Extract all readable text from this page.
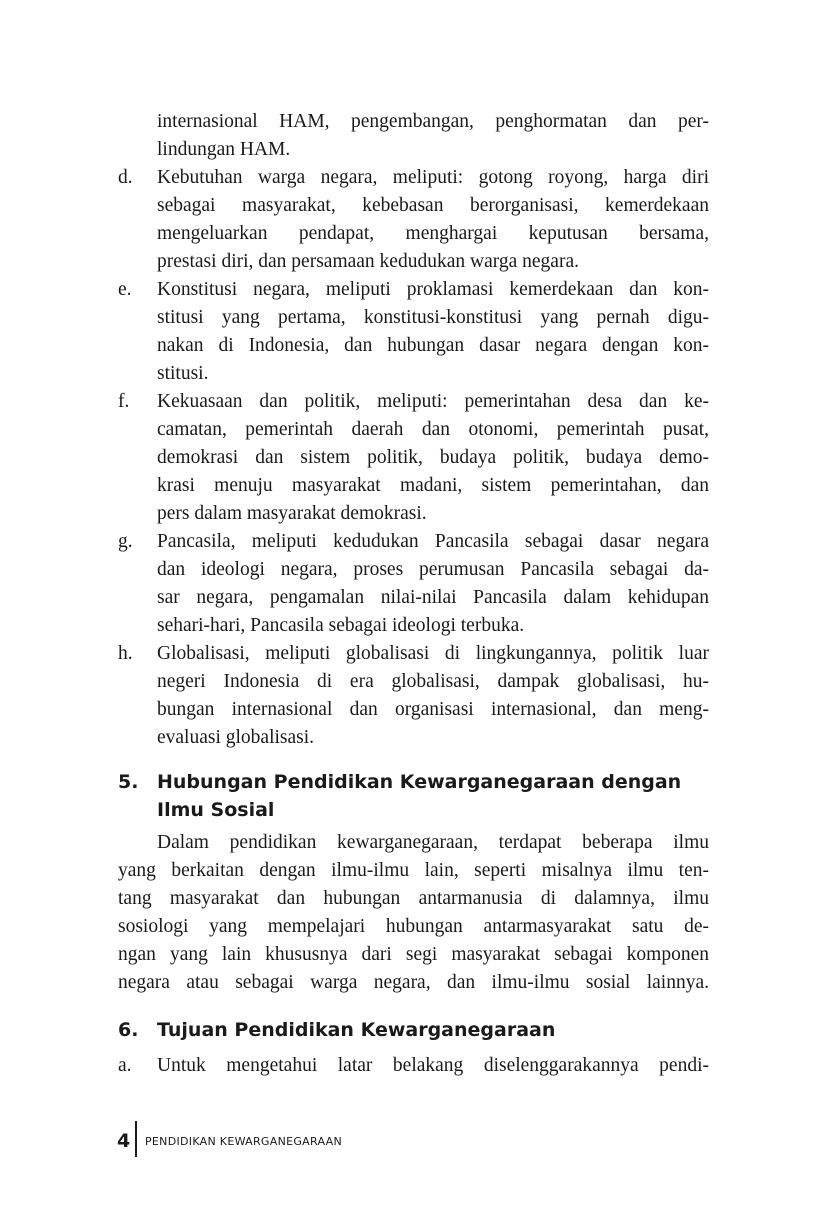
internasional HAM, pengembangan, penghormatan dan per-
lindungan HAM.
d. Kebutuhan warga negara, meliputi: gotong royong, harga diri
sebagai masyarakat, kebebasan berorganisasi, kemerdekaan
mengeluarkan pendapat, menghargai keputusan bersama,
prestasi diri, dan persamaan kedudukan warga negara.
e. Konstitusi negara, meliputi proklamasi kemerdekaan dan kon-
stitusi yang pertama, konstitusi-konstitusi yang pernah digu-
nakan di Indonesia, dan hubungan dasar negara dengan kon-
stitusi.
f. Kekuasaan dan politik, meliputi: pemerintahan desa dan ke-
camatan, pemerintah daerah dan otonomi, pemerintah pusat,
demokrasi dan sistem politik, budaya politik, budaya demo-
krasi menuju masyarakat madani, sistem pemerintahan, dan
pers dalam masyarakat demokrasi.
g. Pancasila, meliputi kedudukan Pancasila sebagai dasar negara
dan ideologi negara, proses perumusan Pancasila sebagai da-
sar negara, pengamalan nilai-nilai Pancasila dalam kehidupan
sehari-hari, Pancasila sebagai ideologi terbuka.
h. Globalisasi, meliputi globalisasi di lingkungannya, politik luar
negeri Indonesia di era globalisasi, dampak globalisasi, hu-
bungan internasional dan organisasi internasional, dan meng-
evaluasi globalisasi.
5. Hubungan Pendidikan Kewarganegaraan dengan
Ilmu Sosial
Dalam pendidikan kewarganegaraan, terdapat beberapa ilmu
yang berkaitan dengan ilmu-ilmu lain, seperti misalnya ilmu ten-
tang masyarakat dan hubungan antarmanusia di dalamnya, ilmu
sosiologi yang mempelajari hubungan antarmasyarakat satu de-
ngan yang lain khususnya dari segi masyarakat sebagai komponen
negara atau sebagai warga negara, dan ilmu-ilmu sosial lainnya.
6. Tujuan Pendidikan Kewarganegaraan
a. Untuk mengetahui latar belakang diselenggarakannya pendi-
4 PENDIDIKAN KEWARGANEGARAAN
